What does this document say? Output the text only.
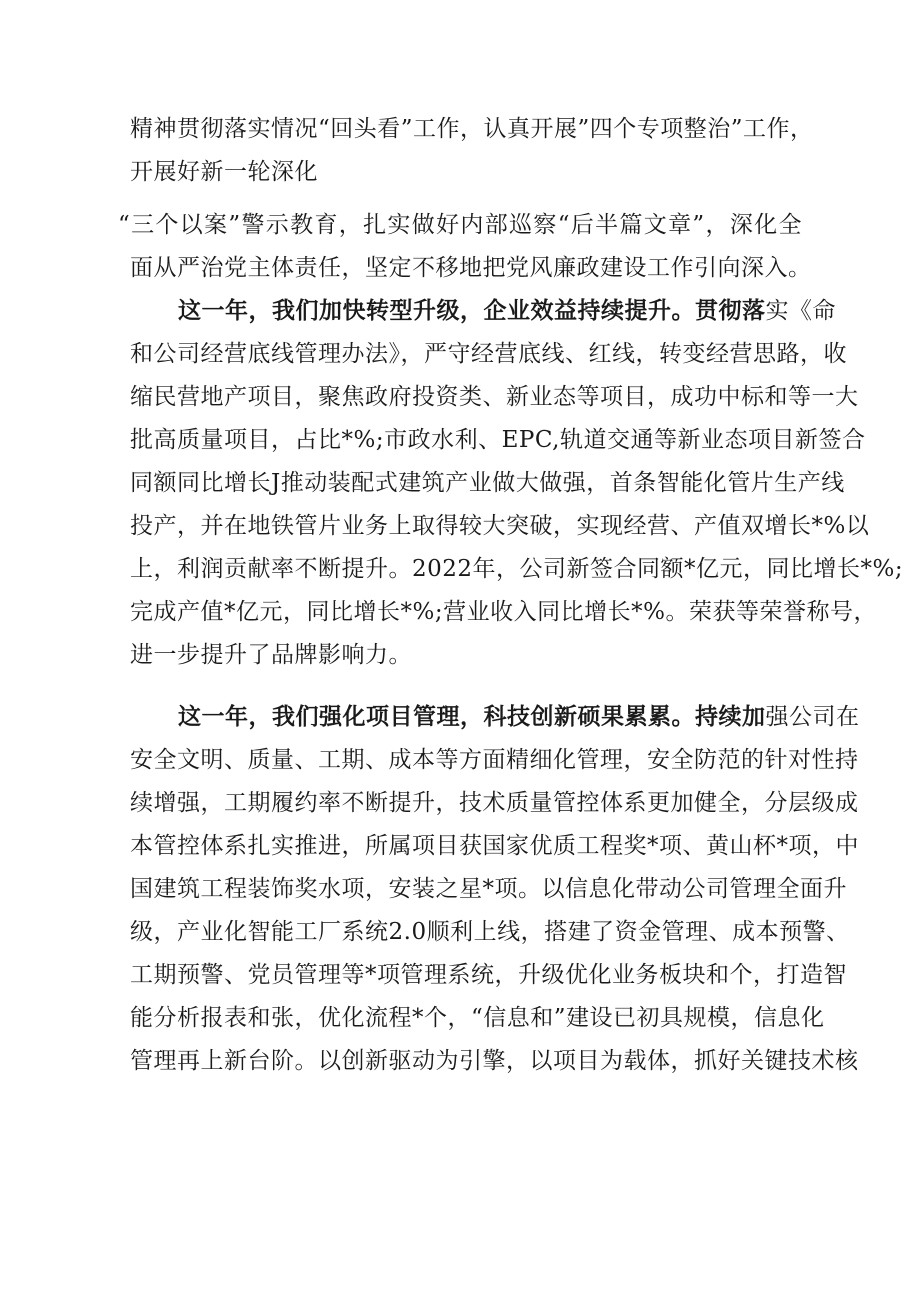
精神贯彻落实情况“回头看”工作，认真开展”四个专项整治”工作，
开展好新一轮深化
“三个以案”警示教育，扎实做好内部巡察“后半篇文章”，深化全
面从严治党主体责任，坚定不移地把党风廉政建设工作引向深入。
这一年，我们加快转型升级，企业效益持续提升。贯彻落实《命
和公司经营底线管理办法》，严守经营底线、红线，转变经营思路，收
缩民营地产项目，聚焦政府投资类、新业态等项目，成功中标和等一大
批高质量项目，占比*%;市政水利、EPC,轨道交通等新业态项目新签合
同额同比增长J推动装配式建筑产业做大做强，首条智能化管片生产线
投产，并在地铁管片业务上取得较大突破，实现经营、产值双增长*%以
上，利润贡献率不断提升。2022年，公司新签合同额*亿元，同比增长*%;
完成产值*亿元，同比增长*%;营业收入同比增长*%。荣获等荣誉称号，
进一步提升了品牌影响力。
这一年，我们强化项目管理，科技创新硕果累累。持续加强公司在
安全文明、质量、工期、成本等方面精细化管理，安全防范的针对性持
续增强，工期履约率不断提升，技术质量管控体系更加健全，分层级成
本管控体系扎实推进，所属项目获国家优质工程奖*项、黄山杯*项，中
国建筑工程装饰奖水项，安装之星*项。以信息化带动公司管理全面升
级，产业化智能工厂系统2.0顺利上线，搭建了资金管理、成本预警、
工期预警、党员管理等*项管理系统，升级优化业务板块和个，打造智
能分析报表和张，优化流程*个，“信息和”建设已初具规模，信息化
管理再上新台阶。以创新驱动为引擎，以项目为载体，抓好关键技术核
